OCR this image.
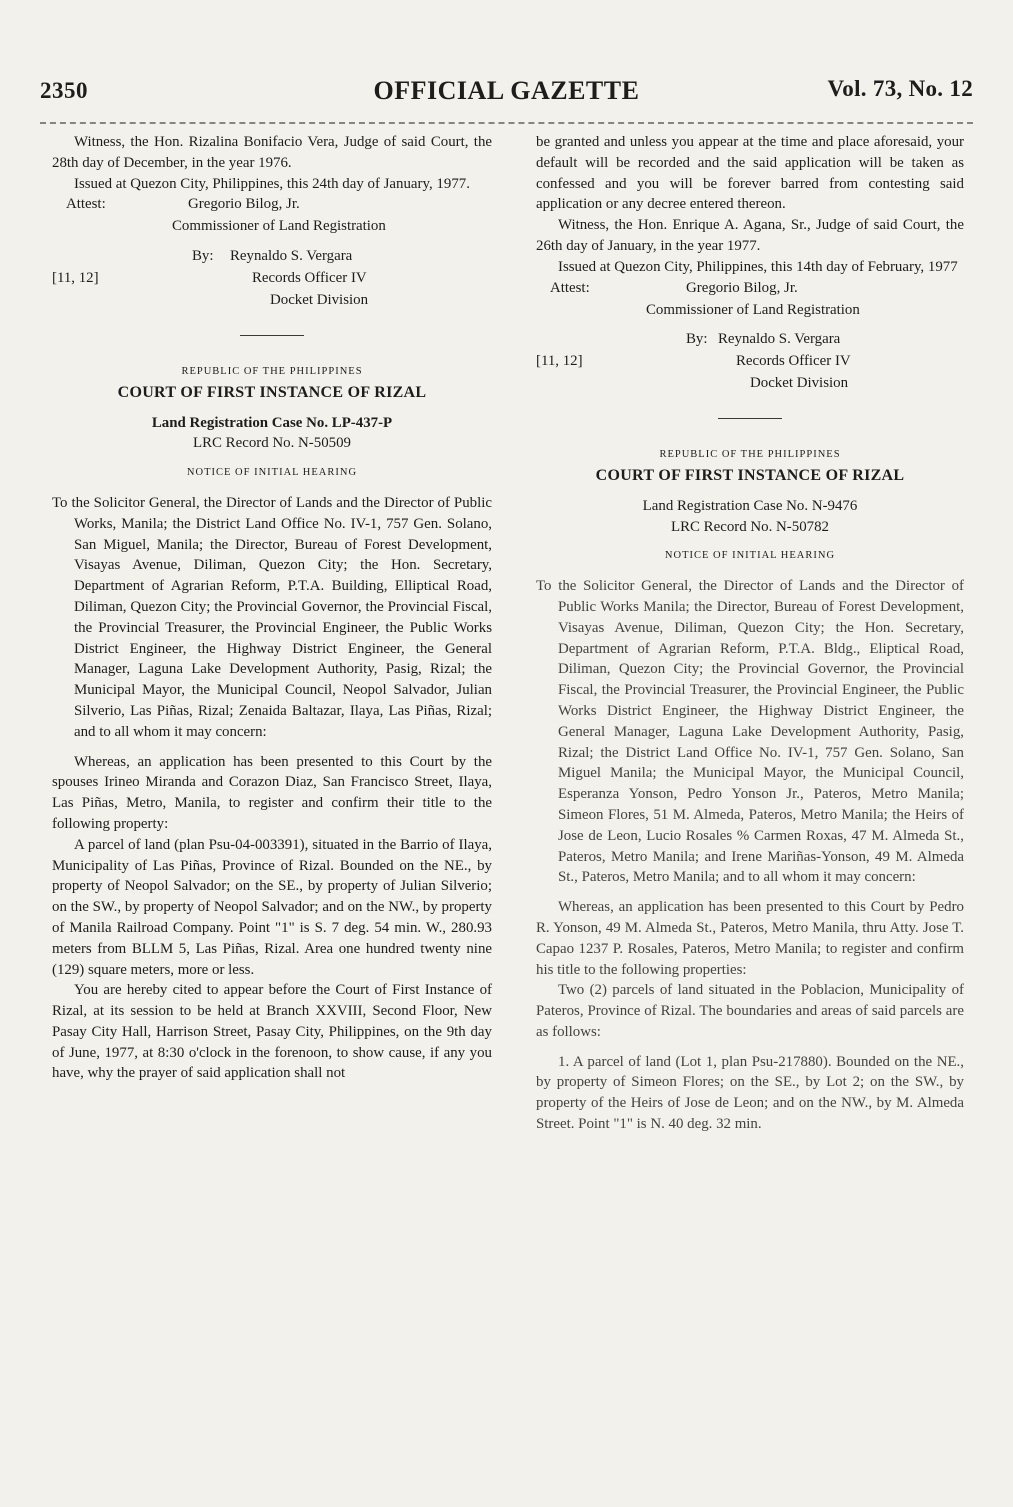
2350	OFFICIAL GAZETTE	Vol. 73, No. 12

Witness, the Hon. Rizalina Bonifacio Vera, Judge of said Court, the 28th day of December, in the year 1976.

Issued at Quezon City, Philippines, this 24th day of January, 1977.

Attest:	Gregorio Bilog, Jr.

Commissioner of Land Registration

By: Reynaldo S. Vergara
[11, 12]	Records Officer IV

Docket Division

REPUBLIC OF THE PHILIPPINES

COURT OF FIRST INSTANCE OF RIZAL

Land Registration Case No. LP-437-P

LRC Record No. N-50509

NOTICE OF INITIAL HEARING

To the Solicitor General, the Director of Lands and the Director of Public Works, Manila; the District Land Office No. IV-1, 757 Gen. Solano, San Miguel, Manila; the Director, Bureau of Forest Development, Visayas Avenue, Diliman, Quezon City; the Hon. Secretary, Department of Agrarian Reform, P.T.A. Building, Elliptical Road, Diliman, Quezon City; the Provincial Governor, the Provincial Fiscal, the Provincial Treasurer, the Provincial Engineer, the Public Works District Engineer, the Highway District Engineer, the General Manager, Laguna Lake Development Authority, Pasig, Rizal; the Municipal Mayor, the Municipal Council, Neopol Salvador, Julian Silverio, Las Piñas, Rizal; Zenaida Baltazar, Ilaya, Las Piñas, Rizal; and to all whom it may concern:

Whereas, an application has been presented to this Court by the spouses Irineo Miranda and Corazon Diaz, San Francisco Street, Ilaya, Las Piñas, Metro, Manila, to register and confirm their title to the following property:

A parcel of land (plan Psu-04-003391), situated in the Barrio of Ilaya, Municipality of Las Piñas, Province of Rizal. Bounded on the NE., by property of Neopol Salvador; on the SE., by property of Julian Silverio; on the SW., by property of Neopol Salvador; and on the NW., by property of Manila Railroad Company. Point "1" is S. 7 deg. 54 min. W., 280.93 meters from BLLM 5, Las Piñas, Rizal. Area one hundred twenty nine (129) square meters, more or less.

You are hereby cited to appear before the Court of First Instance of Rizal, at its session to be held at Branch XXVIII, Second Floor, New Pasay City Hall, Harrison Street, Pasay City, Philippines, on the 9th day of June, 1977, at 8:30 o'clock in the forenoon, to show cause, if any you have, why the prayer of said application shall not

be granted and unless you appear at the time and place aforesaid, your default will be recorded and the said application will be taken as confessed and you will be forever barred from contesting said application or any decree entered thereon.

Witness, the Hon. Enrique A. Agana, Sr., Judge of said Court, the 26th day of January, in the year 1977.

Issued at Quezon City, Philippines, this 14th day of February, 1977

Attest:	Gregorio Bilog, Jr.

Commissioner of Land Registration

By: Reynaldo S. Vergara
[11, 12]	Records Officer IV

Docket Division

REPUBLIC OF THE PHILIPPINES

COURT OF FIRST INSTANCE OF RIZAL

Land Registration Case No. N-9476

LRC Record No. N-50782

NOTICE OF INITIAL HEARING

To the Solicitor General, the Director of Lands and the Director of Public Works Manila; the Director, Bureau of Forest Development, Visayas Avenue, Diliman, Quezon City; the Hon. Secretary, Department of Agrarian Reform, P.T.A. Bldg., Eliptical Road, Diliman, Quezon City; the Provincial Governor, the Provincial Fiscal, the Provincial Treasurer, the Provincial Engineer, the Public Works District Engineer, the Highway District Engineer, the General Manager, Laguna Lake Development Authority, Pasig, Rizal; the District Land Office No. IV-1, 757 Gen. Solano, San Miguel Manila; the Municipal Mayor, the Municipal Council, Esperanza Yonson, Pedro Yonson Jr., Pateros, Metro Manila; Simeon Flores, 51 M. Almeda, Pateros, Metro Manila; the Heirs of Jose de Leon, Lucio Rosales % Carmen Roxas, 47 M. Almeda St., Pateros, Metro Manila; and Irene Mariñas-Yonson, 49 M. Almeda St., Pateros, Metro Manila; and to all whom it may concern:

Whereas, an application has been presented to this Court by Pedro R. Yonson, 49 M. Almeda St., Pateros, Metro Manila, thru Atty. Jose T. Capao 1237 P. Rosales, Pateros, Metro Manila; to register and confirm his title to the following properties:

Two (2) parcels of land situated in the Poblacion, Municipality of Pateros, Province of Rizal. The boundaries and areas of said parcels are as follows:

1. A parcel of land (Lot 1, plan Psu-217880). Bounded on the NE., by property of Simeon Flores; on the SE., by Lot 2; on the SW., by property of the Heirs of Jose de Leon; and on the NW., by M. Almeda Street. Point "1" is N. 40 deg. 32 min.
